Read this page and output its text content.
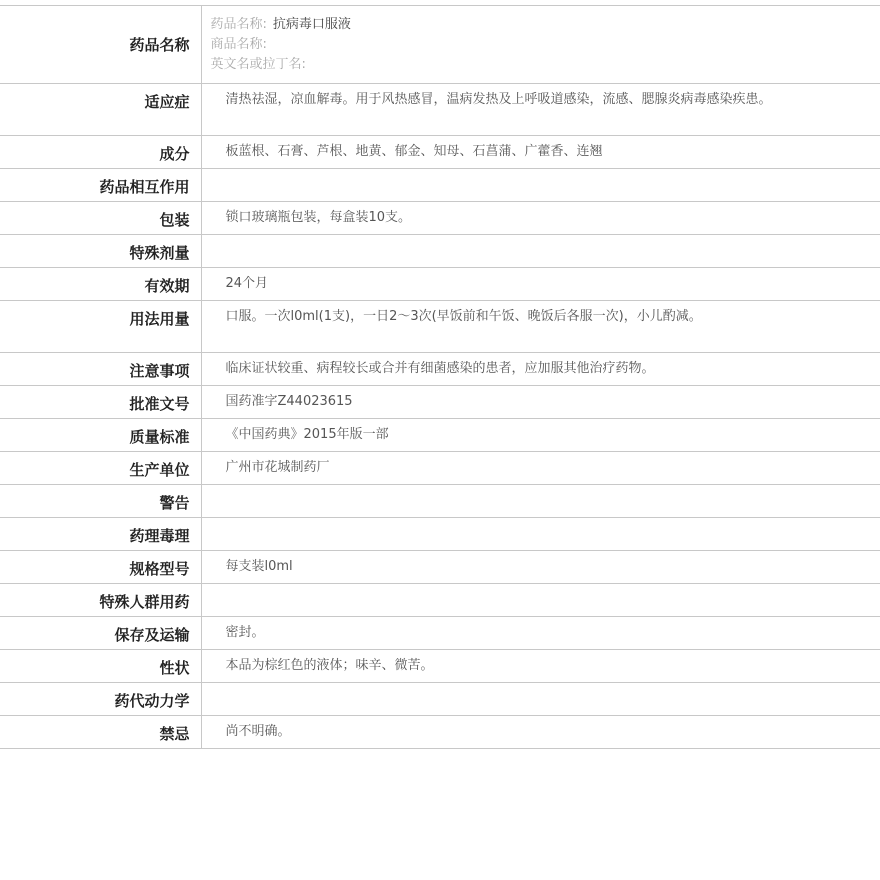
药品名称	药品名称: 抗病毒口服液
商品名称:
英文名或拉丁名:

适应症	清热祛湿，凉血解毒。用于风热感冒，温病发热及上呼吸道感染，流感、腮腺炎病毒感染疾患。
成分	板蓝根、石膏、芦根、地黄、郁金、知母、石菖蒲、广藿香、连翘
药品相互作用	
包装	锁口玻璃瓶包装，每盒装10支。
特殊剂量	
有效期	24个月
用法用量	口服。一次l0ml(1支)，一日2～3次(早饭前和午饭、晚饭后各服一次)，小儿酌减。
注意事项	临床证状较重、病程较长或合并有细菌感染的患者，应加服其他治疗药物。
批准文号	国药准字Z44023615
质量标准	《中国药典》2015年版一部
生产单位	广州市花城制药厂
警告	
药理毒理	
规格型号	每支装l0ml
特殊人群用药	
保存及运输	密封。
性状	本品为棕红色的液体；味辛、微苦。
药代动力学	
禁忌	尚不明确。
